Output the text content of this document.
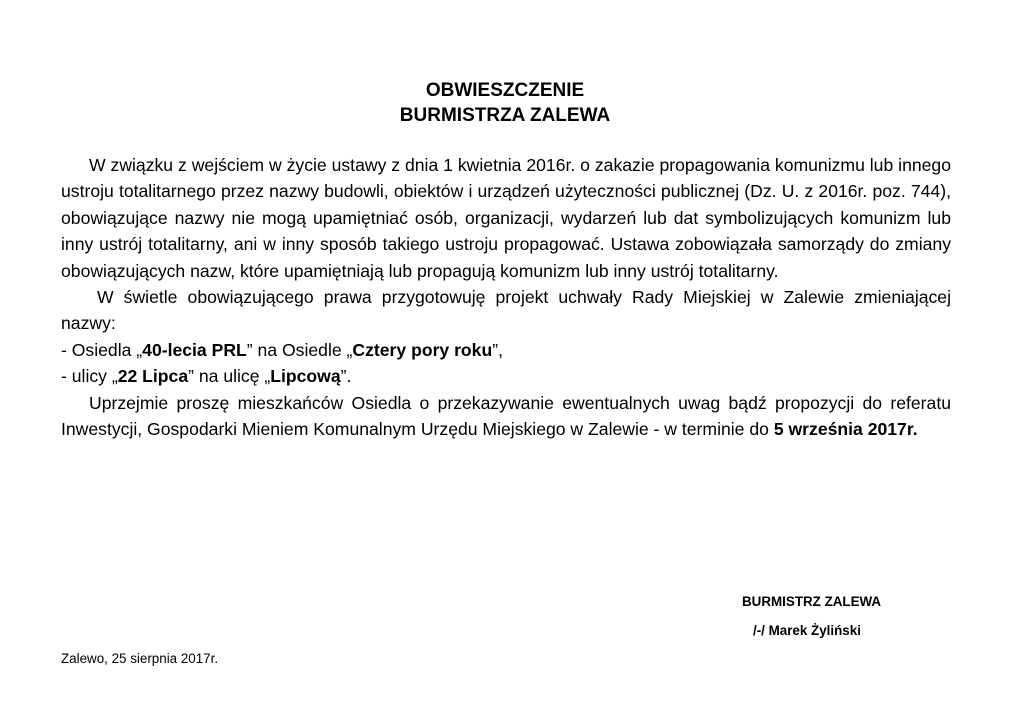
OBWIESZCZENIE
BURMISTRZA ZALEWA

W związku z wejściem w życie ustawy z dnia 1 kwietnia 2016r. o zakazie propagowania komunizmu lub innego ustroju totalitarnego przez nazwy budowli, obiektów i urządzeń użyteczności publicznej (Dz. U. z 2016r. poz. 744), obowiązujące nazwy nie mogą upamiętniać osób, organizacji, wydarzeń lub dat symbolizujących komunizm lub inny ustrój totalitarny, ani w inny sposób takiego ustroju propagować. Ustawa zobowiązała samorządy do zmiany obowiązujących nazw, które upamiętniają lub propagują komunizm lub inny ustrój totalitarny.

W świetle obowiązującego prawa przygotowuję projekt uchwały Rady Miejskiej w Zalewie zmieniającej nazwy:

- Osiedla „40-lecia PRL” na Osiedle „Cztery pory roku”,

- ulicy „22 Lipca” na ulicę „Lipcową”.

Uprzejmie proszę mieszkańców Osiedla o przekazywanie ewentualnych uwag bądź propozycji do referatu Inwestycji, Gospodarki Mieniem Komunalnym Urzędu Miejskiego w Zalewie - w terminie do 5 września 2017r.

BURMISTRZ ZALEWA
/-/ Marek Żyliński
Zalewo, 25 sierpnia 2017r.
